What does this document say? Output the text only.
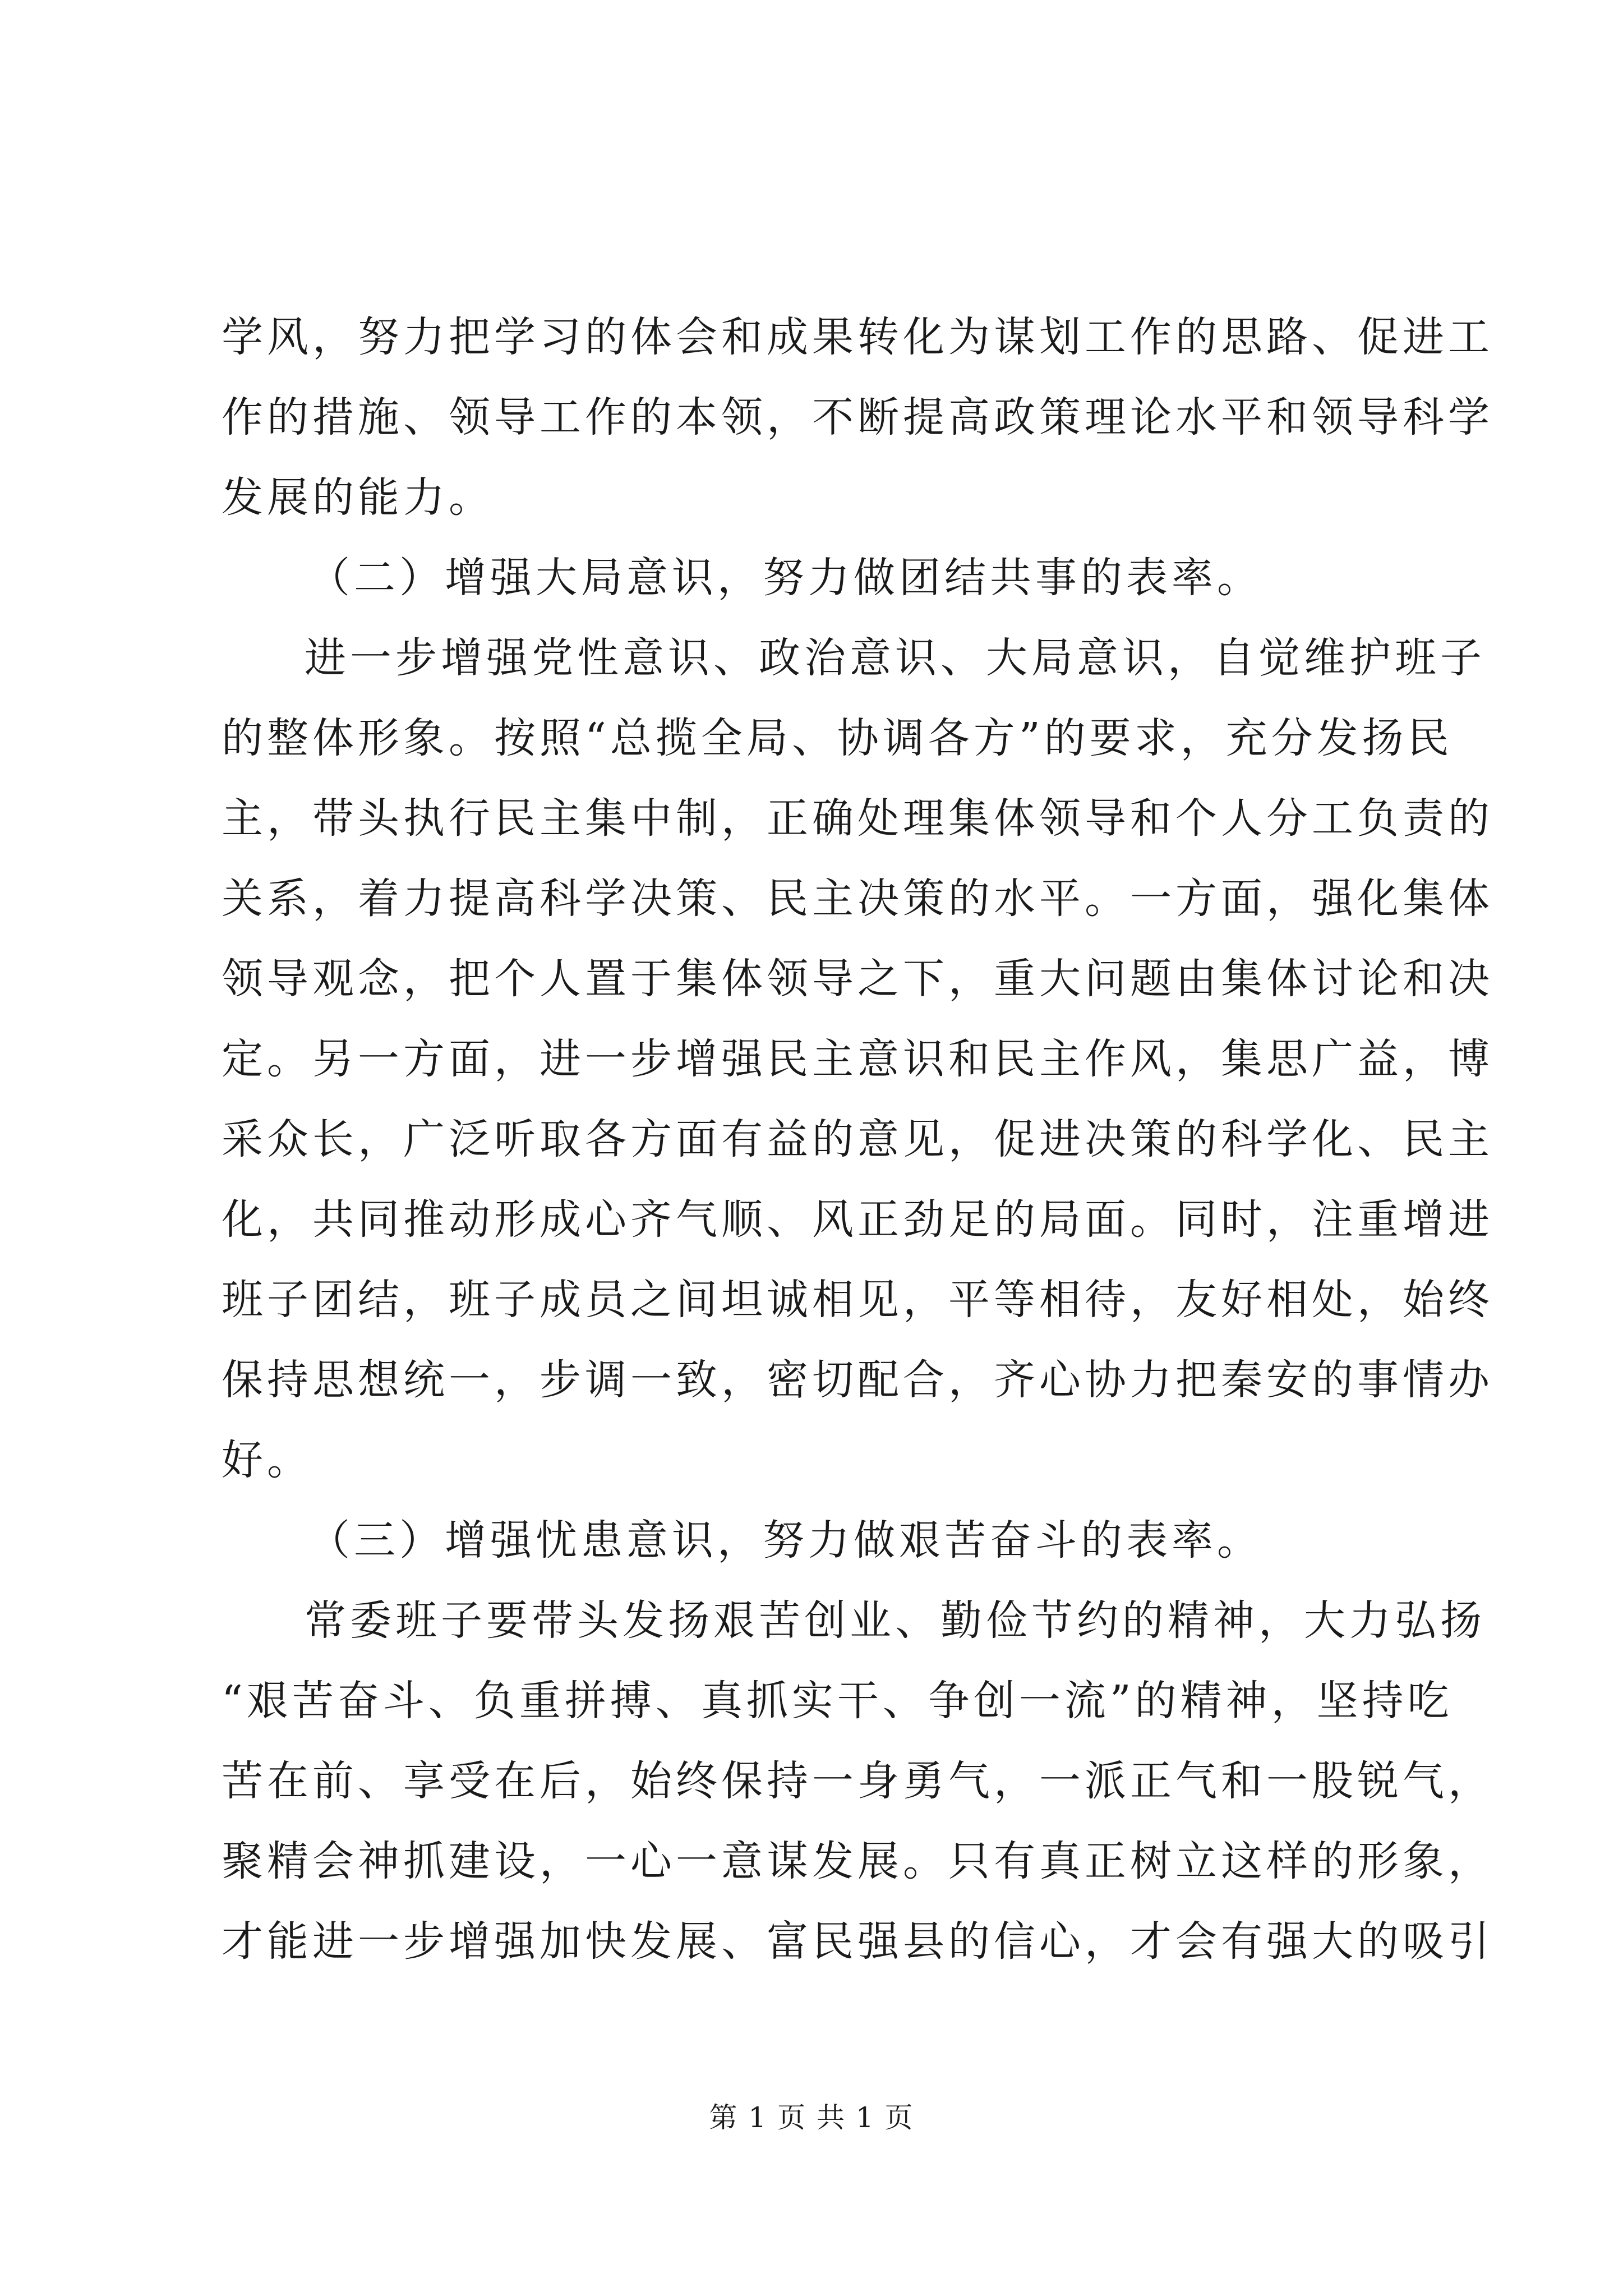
学风，努力把学习的体会和成果转化为谋划工作的思路、促进工
作的措施、领导工作的本领，不断提高政策理论水平和领导科学
发展的能力。
（二）增强大局意识，努力做团结共事的表率。
进一步增强党性意识、政治意识、大局意识，自觉维护班子
的整体形象。按照“总揽全局、协调各方”的要求，充分发扬民
主，带头执行民主集中制，正确处理集体领导和个人分工负责的
关系，着力提高科学决策、民主决策的水平。一方面，强化集体
领导观念，把个人置于集体领导之下，重大问题由集体讨论和决
定。另一方面，进一步增强民主意识和民主作风，集思广益，博
采众长，广泛听取各方面有益的意见，促进决策的科学化、民主
化，共同推动形成心齐气顺、风正劲足的局面。同时，注重增进
班子团结，班子成员之间坦诚相见，平等相待，友好相处，始终
保持思想统一，步调一致，密切配合，齐心协力把秦安的事情办
好。
（三）增强忧患意识，努力做艰苦奋斗的表率。
常委班子要带头发扬艰苦创业、勤俭节约的精神，大力弘扬
“艰苦奋斗、负重拼搏、真抓实干、争创一流”的精神，坚持吃
苦在前、享受在后，始终保持一身勇气，一派正气和一股锐气，
聚精会神抓建设，一心一意谋发展。只有真正树立这样的形象，
才能进一步增强加快发展、富民强县的信心，才会有强大的吸引
第 1 页 共 1 页
